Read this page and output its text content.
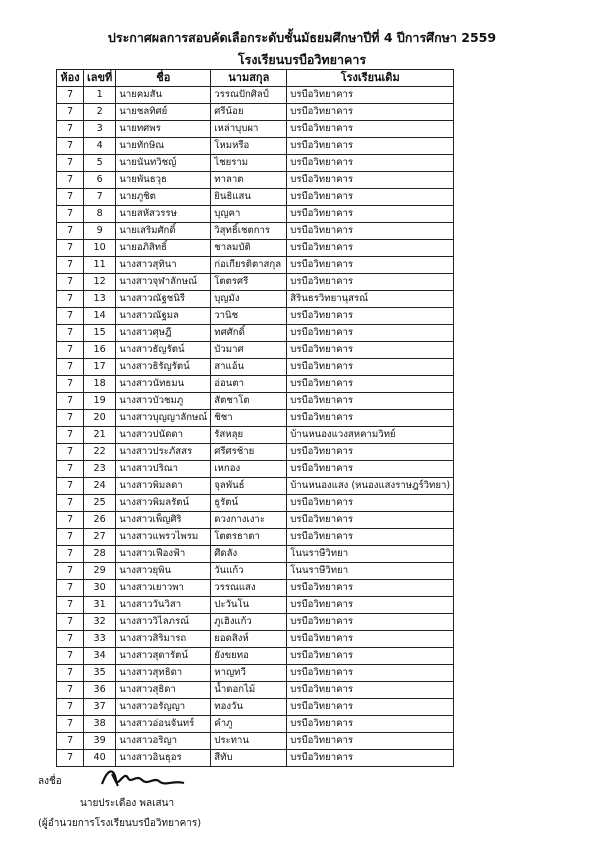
ประกาศผลการสอบคัดเลือกระดับชั้นมัธยมศึกษาปีที่ 4 ปีการศึกษา 2559
โรงเรียนบรบือวิทยาคาร
ห้อง	เลขที่	ชื่อ	นามสกุล	โรงเรียนเดิม
7	1	นายคมสัน	วรรณปักศิลป์	บรบือวิทยาคาร
7	2	นายชลทิศย์	ศรีน้อย	บรบือวิทยาคาร
7	3	นายทศพร	เหล่าบุบผา	บรบือวิทยาคาร
7	4	นายทักษิณ	โหมหรือ	บรบือวิทยาคาร
7	5	นายนันทวิชญ์	ไชยราม	บรบือวิทยาคาร
7	6	นายพันธวุธ	ทาลาต	บรบือวิทยาคาร
7	7	นายภูชิต	ยินธิแสน	บรบือวิทยาคาร
7	8	นายสหัสวรรษ	บุญคา	บรบือวิทยาคาร
7	9	นายเสริมศักดิ์	วิสุทธิ์เชตการ	บรบือวิทยาคาร
7	10	นายอภิสิทธิ์	ชาลมบัติ	บรบือวิทยาคาร
7	11	นางสาวสุทินา	ก่อเกียรติตาสกุล	บรบือวิทยาคาร
7	12	นางสาวจุฬาลักษณ์	โตตรศรี	บรบือวิทยาคาร
7	13	นางสาวณัฐชนิรี	บุญมัง	สิรินธรวิทยานุสรณ์
7	14	นางสาวณัฐมล	วานิช	บรบือวิทยาคาร
7	15	นางสาวศุษฎี	ทศศักดิ์	บรบือวิทยาคาร
7	16	นางสาวธัญรัตน์	บัวมาศ	บรบือวิทยาคาร
7	17	นางสาวธิรัญรัตน์	สาแอ้น	บรบือวิทยาคาร
7	18	นางสาวนัทธมน	อ่อนตา	บรบือวิทยาคาร
7	19	นางสาวบัวชมภู	สัตชาโต	บรบือวิทยาคาร
7	20	นางสาวบุญญาลักษณ์	ชิชา	บรบือวิทยาคาร
7	21	นางสาวปนัดดา	รัสหลุย	บ้านหนองแวงสหคามวิทย์
7	22	นางสาวประภัสสร	ศรีศรช้าย	บรบือวิทยาคาร
7	23	นางสาวปริณา	เหกอง	บรบือวิทยาคาร
7	24	นางสาวพิมลดา	จุลพันธ์	บ้านหนองแสง (หนองแสงราษฎร์วิทยา)
7	25	นางสาวพิมลรัตน์	ธูรัตน์	บรบือวิทยาคาร
7	26	นางสาวเพ็ญศิริ	ดวงกางเงาะ	บรบือวิทยาคาร
7	27	นางสาวแพรวไพรม	โตตรธาตา	บรบือวิทยาคาร
7	28	นางสาวเฟืองฟ้า	ศีดลัง	โนนราษีวิทยา
7	29	นางสาวยุพิน	วันแก้ว	โนนราษีวิทยา
7	30	นางสาวเยาวพา	วรรณแสง	บรบือวิทยาคาร
7	31	นางสาววันวิสา	ปะวันโน	บรบือวิทยาคาร
7	32	นางสาววิไลภรณ์	ภูเฮิงแก้ว	บรบือวิทยาคาร
7	33	นางสาวสิริมารถ	ยอดสิงห์	บรบือวิทยาคาร
7	34	นางสาวสุดารัตน์	ยังขยทอ	บรบือวิทยาคาร
7	35	นางสาวสุทธิดา	หาญทวี	บรบือวิทยาคาร
7	36	นางสาวสุธิดา	น้ำดอกไม้	บรบือวิทยาคาร
7	37	นางสาวอรัญญา	ทองวัน	บรบือวิทยาคาร
7	38	นางสาวอ่อนจันทร์	คำภู	บรบือวิทยาคาร
7	39	นางสาวอริญา	ประทาน	บรบือวิทยาคาร
7	40	นางสาวอินธุอร	สีทับ	บรบือวิทยาคาร
ลงชื่อ
นายประเดือง พลเสนา
(ผู้อำนวยการโรงเรียนบรบือวิทยาคาร)
